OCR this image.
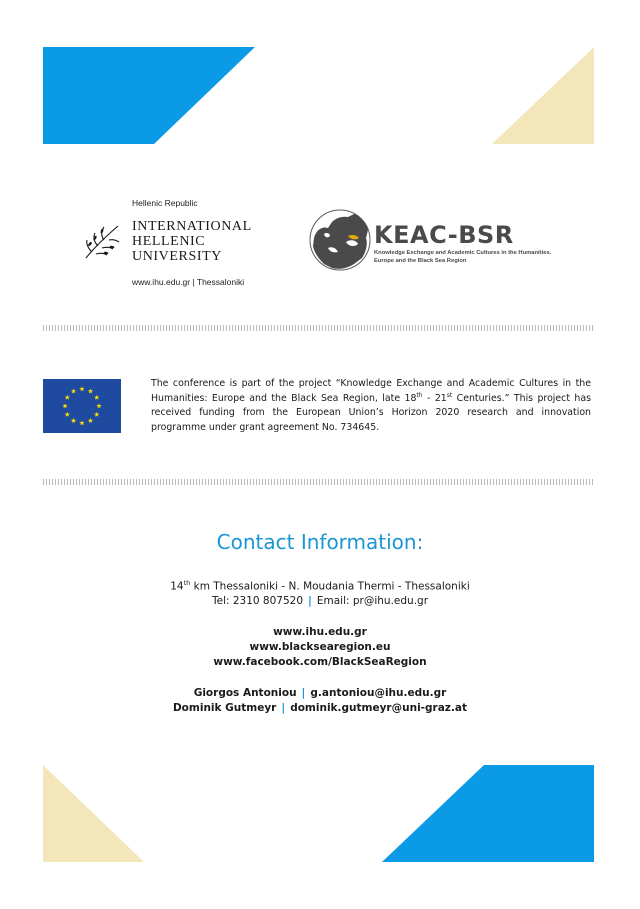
Hellenic Republic
INTERNATIONAL
HELLENIC
UNIVERSITY
www.ihu.edu.gr | Thessaloniki
KEAC-BSR
Knowledge Exchange and Academic Cultures in the Humanities.
Europe and the Black Sea Region
The conference is part of the project “Knowledge Exchange and Academic Cultures in the Humanities: Europe and the Black Sea Region, late 18th - 21st Centuries.” This project has received funding from the European Union’s Horizon 2020 research and innovation programme under grant agreement No. 734645.
Contact Information:
14th km Thessaloniki - N. Moudania Thermi - Thessaloniki
Tel: 2310 807520 | Email: pr@ihu.edu.gr
www.ihu.edu.gr
www.blacksearegion.eu
www.facebook.com/BlackSeaRegion
Giorgos Antoniou | g.antoniou@ihu.edu.gr
Dominik Gutmeyr | dominik.gutmeyr@uni-graz.at
